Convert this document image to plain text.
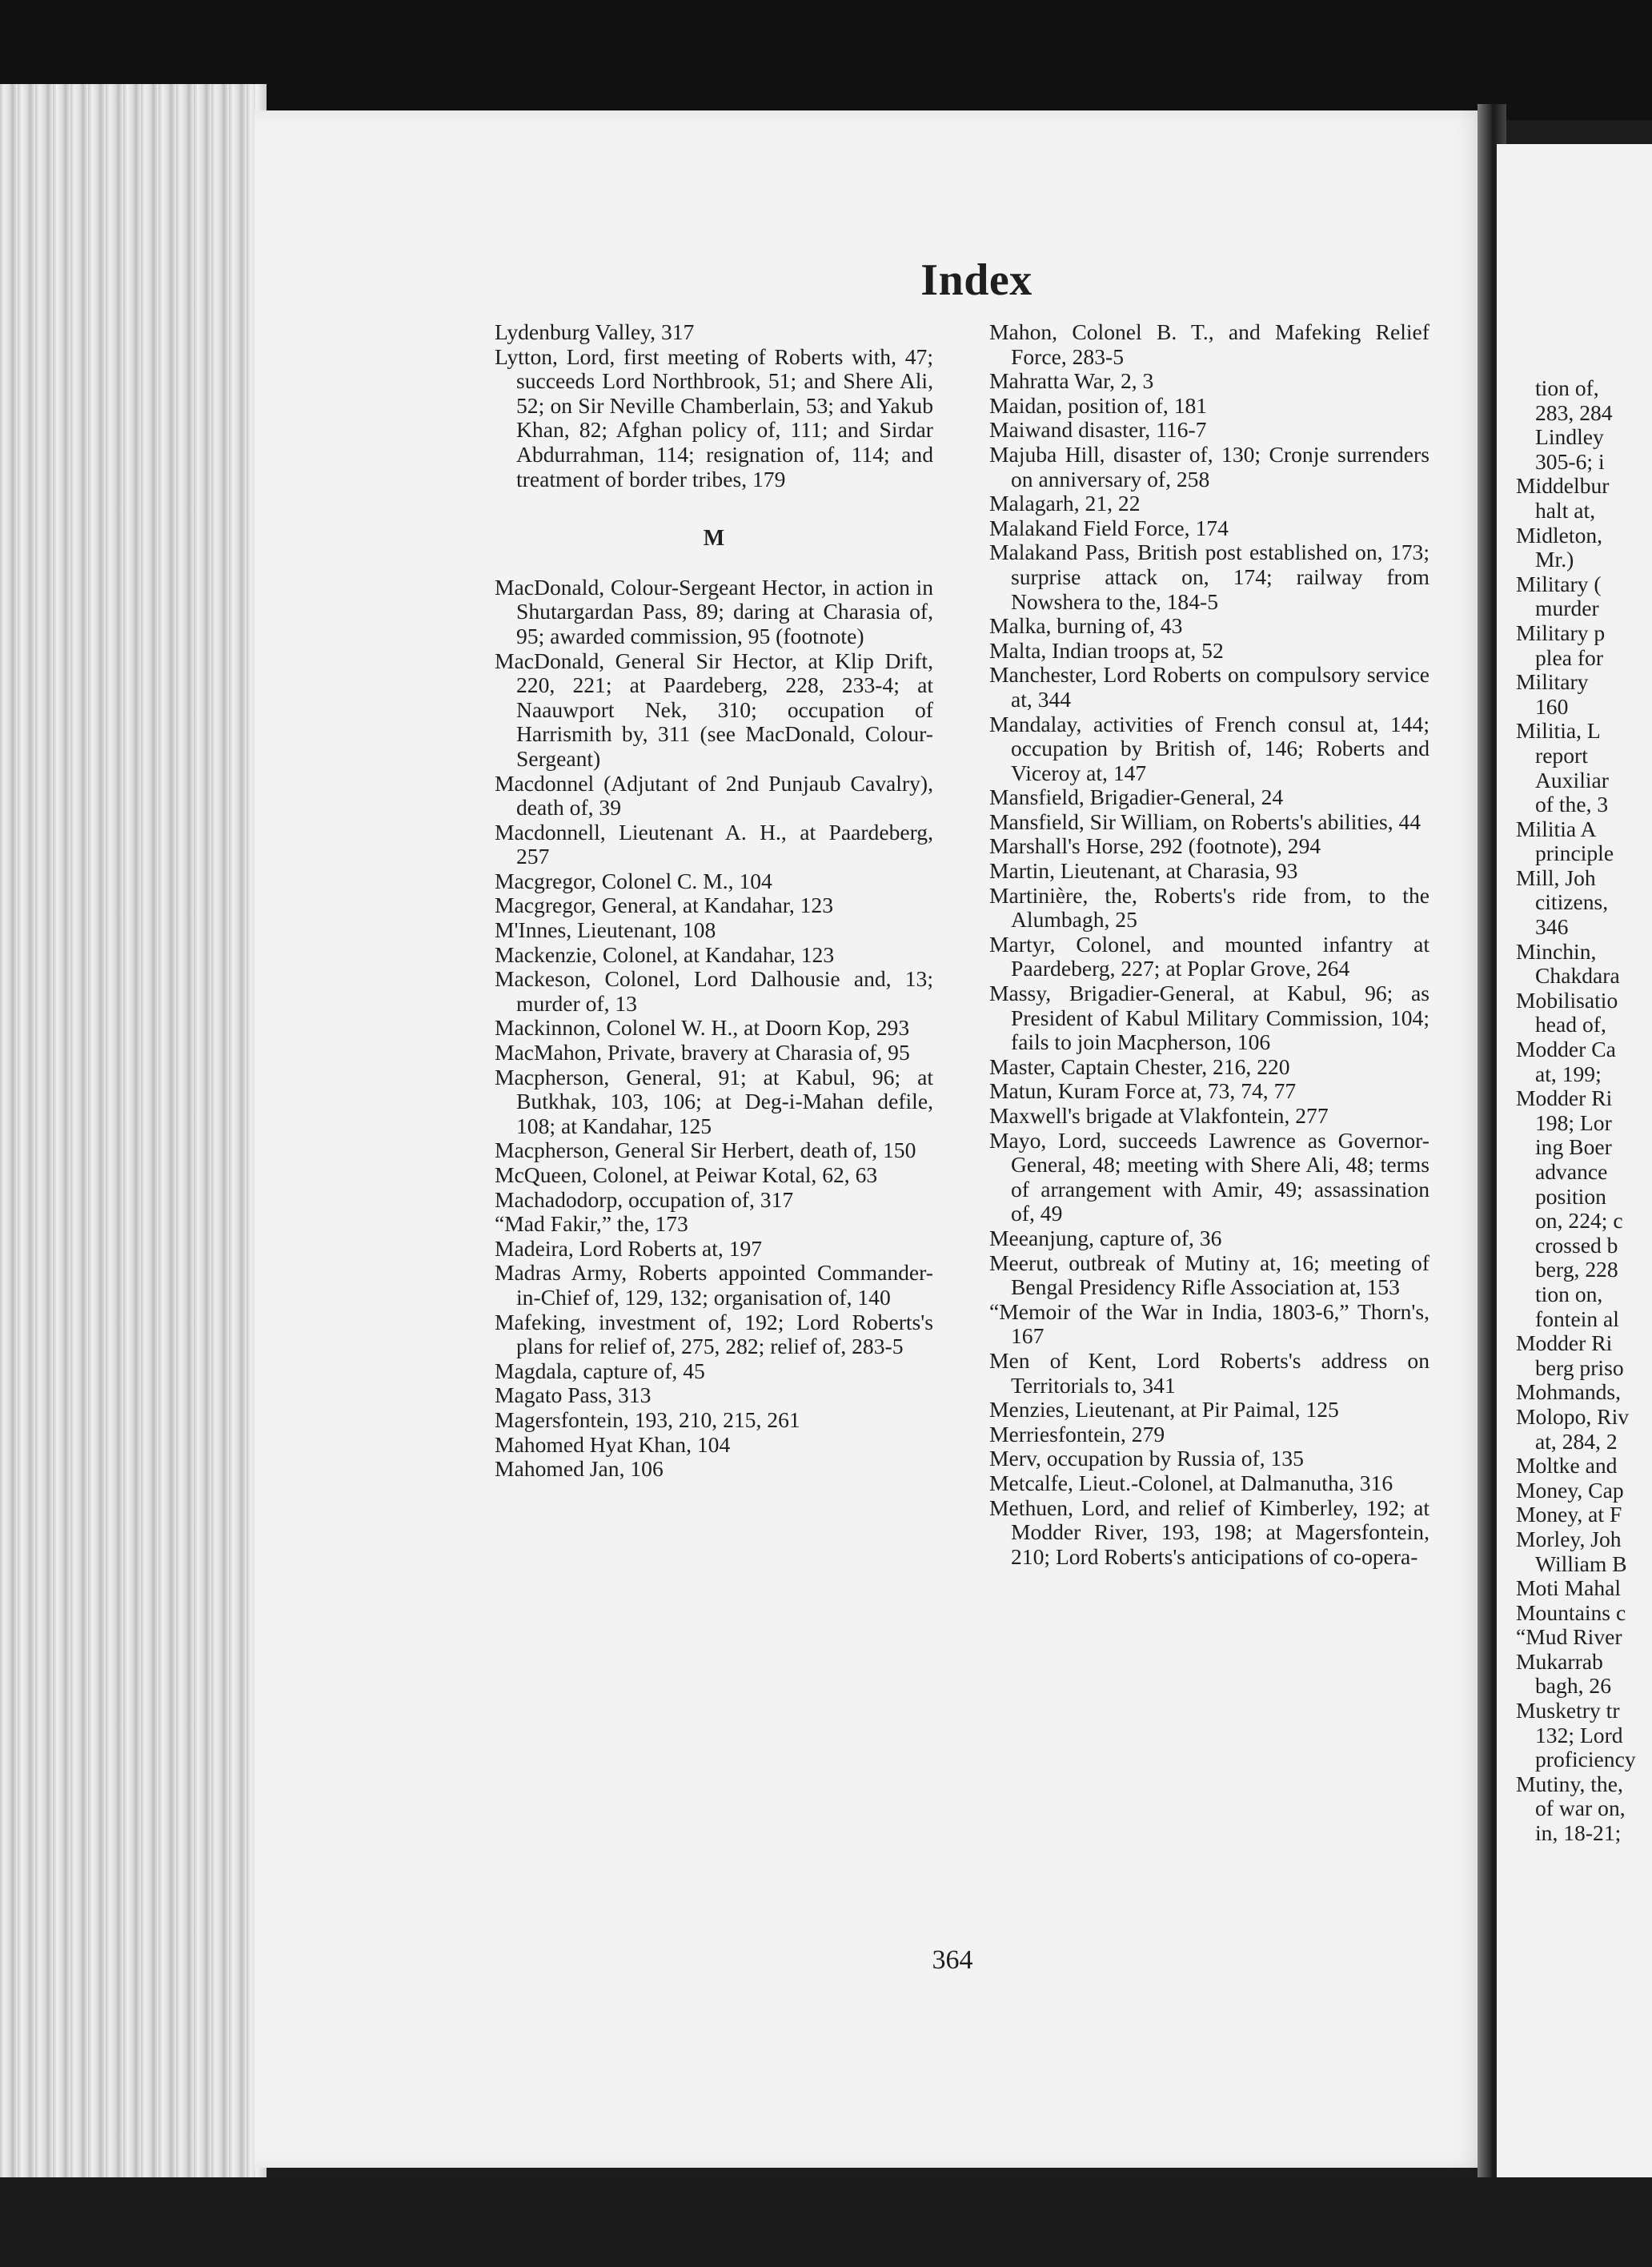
tion of,
283, 284
Lindley
305-6; i
Middelbur
halt at,
Midleton,
Mr.)
Military (
murder
Military p
plea for
Military
160
Militia, L
report
Auxiliar
of the, 3
Militia A
principle
Mill, Joh
citizens,
346
Minchin,
Chakdara
Mobilisatio
head of,
Modder Ca
at, 199;
Modder Ri
198; Lor
ing Boer
advance
position
on, 224; c
crossed b
berg, 228
tion on,
fontein al
Modder Ri
berg priso
Mohmands,
Molopo, Riv
at, 284, 2
Moltke and
Money, Cap
Money, at F
Morley, Joh
William B
Moti Mahal
Mountains c
“Mud River
Mukarrab
bagh, 26
Musketry tr
132; Lord
proficiency
Mutiny, the,
of war on,
in, 18-21;
Index

Lydenburg Valley, 317

Lytton, Lord, first meeting of Roberts with, 47; succeeds Lord Northbrook, 51; and Shere Ali, 52; on Sir Neville Chamberlain, 53; and Yakub Khan, 82; Afghan policy of, 111; and Sirdar Abdurrahman, 114; resignation of, 114; and treatment of border tribes, 179

M

MacDonald, Colour-Sergeant Hector, in action in Shutargardan Pass, 89; daring at Charasia of, 95; awarded commission, 95 (footnote)

MacDonald, General Sir Hector, at Klip Drift, 220, 221; at Paardeberg, 228, 233-4; at Naauwport Nek, 310; occupation of Harrismith by, 311 (see MacDonald, Colour-Sergeant)

Macdonnel (Adjutant of 2nd Punjaub Cavalry), death of, 39

Macdonnell, Lieutenant A. H., at Paardeberg, 257

Macgregor, Colonel C. M., 104

Macgregor, General, at Kandahar, 123

M'Innes, Lieutenant, 108

Mackenzie, Colonel, at Kandahar, 123

Mackeson, Colonel, Lord Dalhousie and, 13; murder of, 13

Mackinnon, Colonel W. H., at Doorn Kop, 293

MacMahon, Private, bravery at Charasia of, 95

Macpherson, General, 91; at Kabul, 96; at Butkhak, 103, 106; at Deg-i-Mahan defile, 108; at Kandahar, 125

Macpherson, General Sir Herbert, death of, 150

McQueen, Colonel, at Peiwar Kotal, 62, 63

Machadodorp, occupation of, 317

“Mad Fakir,” the, 173

Madeira, Lord Roberts at, 197

Madras Army, Roberts appointed Commander-in-Chief of, 129, 132; organisation of, 140

Mafeking, investment of, 192; Lord Roberts's plans for relief of, 275, 282; relief of, 283-5

Magdala, capture of, 45

Magato Pass, 313

Magersfontein, 193, 210, 215, 261

Mahomed Hyat Khan, 104

Mahomed Jan, 106

Mahon, Colonel B. T., and Mafeking Relief Force, 283-5

Mahratta War, 2, 3

Maidan, position of, 181

Maiwand disaster, 116-7

Majuba Hill, disaster of, 130; Cronje surrenders on anniversary of, 258

Malagarh, 21, 22

Malakand Field Force, 174

Malakand Pass, British post established on, 173; surprise attack on, 174; railway from Nowshera to the, 184-5

Malka, burning of, 43

Malta, Indian troops at, 52

Manchester, Lord Roberts on compulsory service at, 344

Mandalay, activities of French consul at, 144; occupation by British of, 146; Roberts and Viceroy at, 147

Mansfield, Brigadier-General, 24

Mansfield, Sir William, on Roberts's abilities, 44

Marshall's Horse, 292 (footnote), 294

Martin, Lieutenant, at Charasia, 93

Martinière, the, Roberts's ride from, to the Alumbagh, 25

Martyr, Colonel, and mounted infantry at Paardeberg, 227; at Poplar Grove, 264

Massy, Brigadier-General, at Kabul, 96; as President of Kabul Military Commission, 104; fails to join Macpherson, 106

Master, Captain Chester, 216, 220

Matun, Kuram Force at, 73, 74, 77

Maxwell's brigade at Vlakfontein, 277

Mayo, Lord, succeeds Lawrence as Governor-General, 48; meeting with Shere Ali, 48; terms of arrangement with Amir, 49; assassination of, 49

Meeanjung, capture of, 36

Meerut, outbreak of Mutiny at, 16; meeting of Bengal Presidency Rifle Association at, 153

“Memoir of the War in India, 1803-6,” Thorn's, 167

Men of Kent, Lord Roberts's address on Territorials to, 341

Menzies, Lieutenant, at Pir Paimal, 125

Merriesfontein, 279

Merv, occupation by Russia of, 135

Metcalfe, Lieut.-Colonel, at Dalmanutha, 316

Methuen, Lord, and relief of Kimberley, 192; at Modder River, 193, 198; at Magersfontein, 210; Lord Roberts's anticipations of co-opera-

364
